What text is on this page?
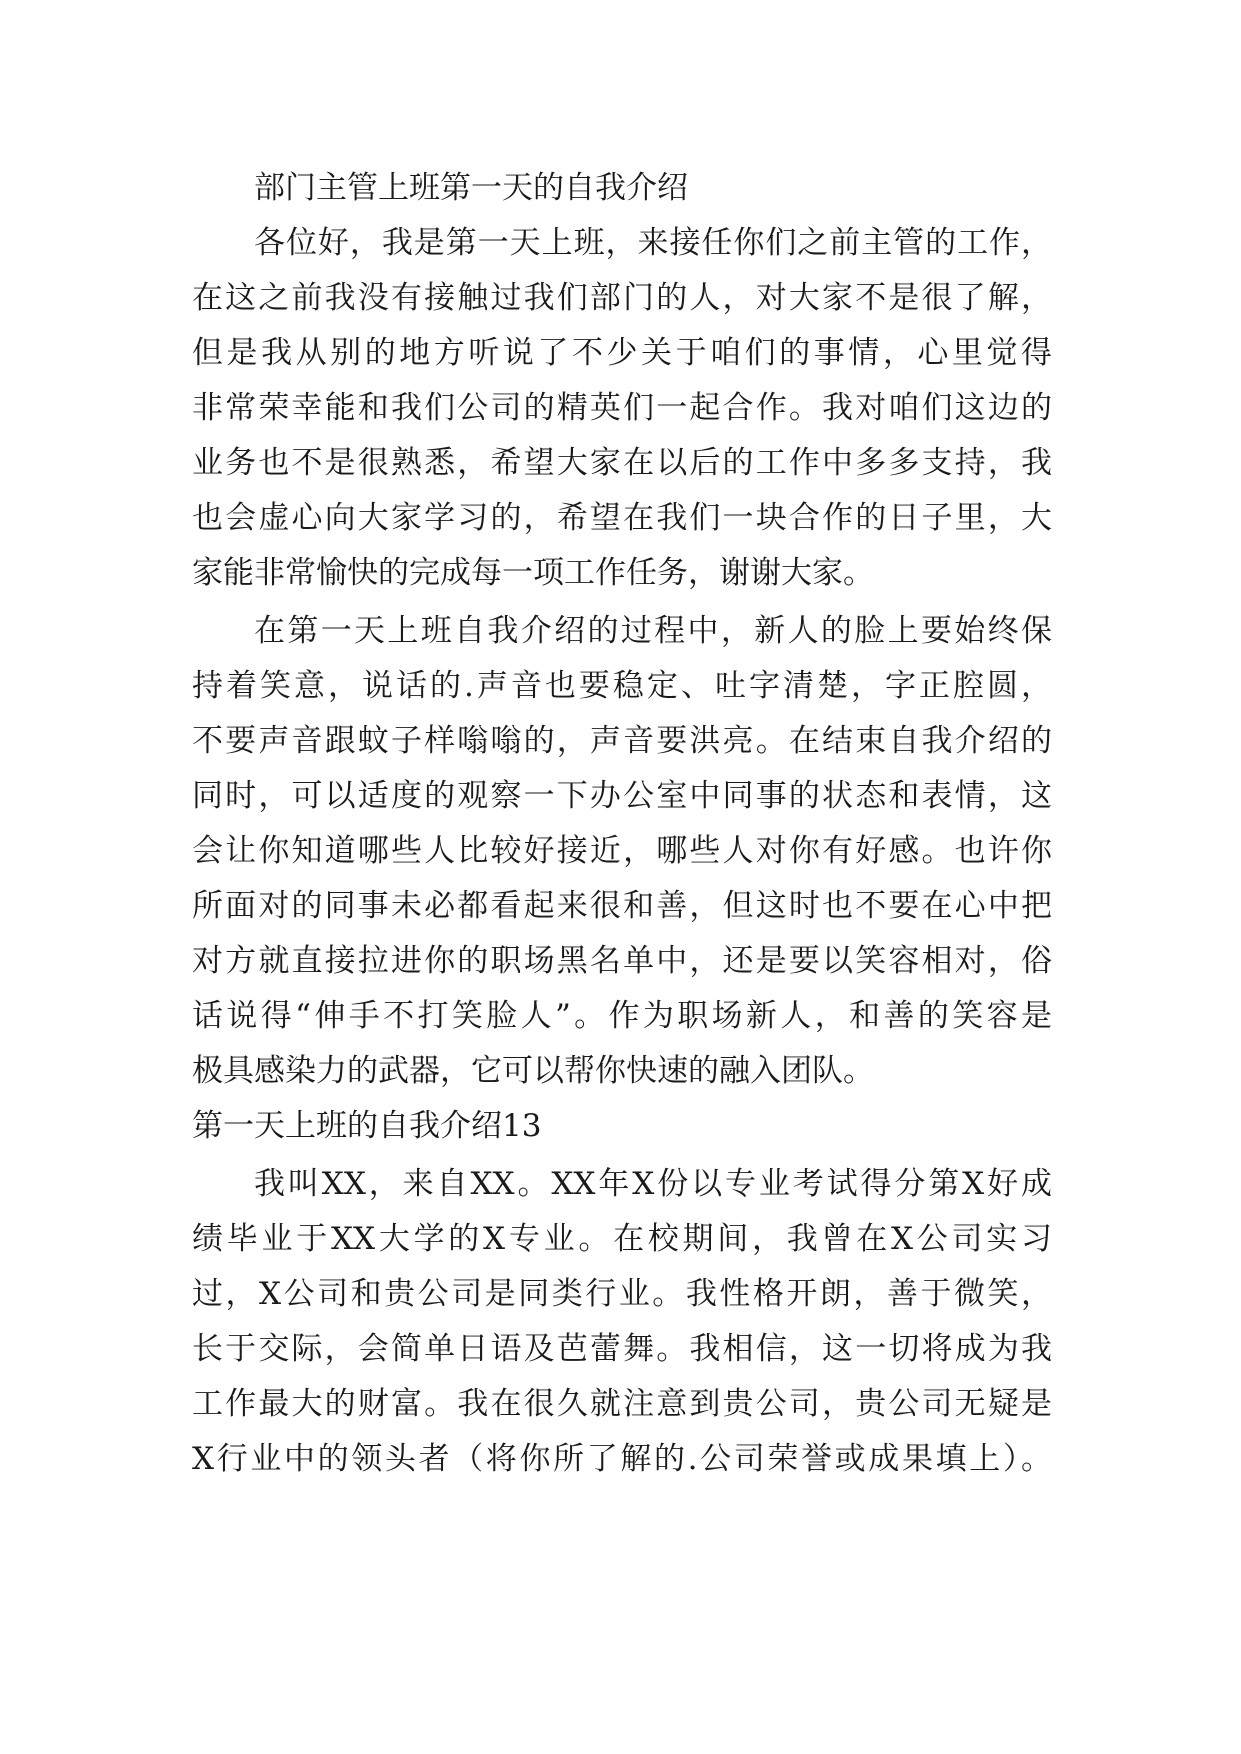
部门主管上班第一天的自我介绍
各位好，我是第一天上班，来接任你们之前主管的工作，
在这之前我没有接触过我们部门的人，对大家不是很了解，
但是我从别的地方听说了不少关于咱们的事情，心里觉得
非常荣幸能和我们公司的精英们一起合作。我对咱们这边的
业务也不是很熟悉，希望大家在以后的工作中多多支持，我
也会虚心向大家学习的，希望在我们一块合作的日子里，大
家能非常愉快的完成每一项工作任务，谢谢大家。
在第一天上班自我介绍的过程中，新人的脸上要始终保
持着笑意，说话的.声音也要稳定、吐字清楚，字正腔圆，
不要声音跟蚊子样嗡嗡的，声音要洪亮。在结束自我介绍的
同时，可以适度的观察一下办公室中同事的状态和表情，这
会让你知道哪些人比较好接近，哪些人对你有好感。也许你
所面对的同事未必都看起来很和善，但这时也不要在心中把
对方就直接拉进你的职场黑名单中，还是要以笑容相对，俗
话说得“伸手不打笑脸人”。作为职场新人，和善的笑容是
极具感染力的武器，它可以帮你快速的融入团队。
第一天上班的自我介绍13
我叫XX，来自XX。XX年X份以专业考试得分第X好成
绩毕业于XX大学的X专业。在校期间，我曾在X公司实习
过，X公司和贵公司是同类行业。我性格开朗，善于微笑，
长于交际，会简单日语及芭蕾舞。我相信，这一切将成为我
工作最大的财富。我在很久就注意到贵公司，贵公司无疑是
X行业中的领头者（将你所了解的.公司荣誉或成果填上）。
